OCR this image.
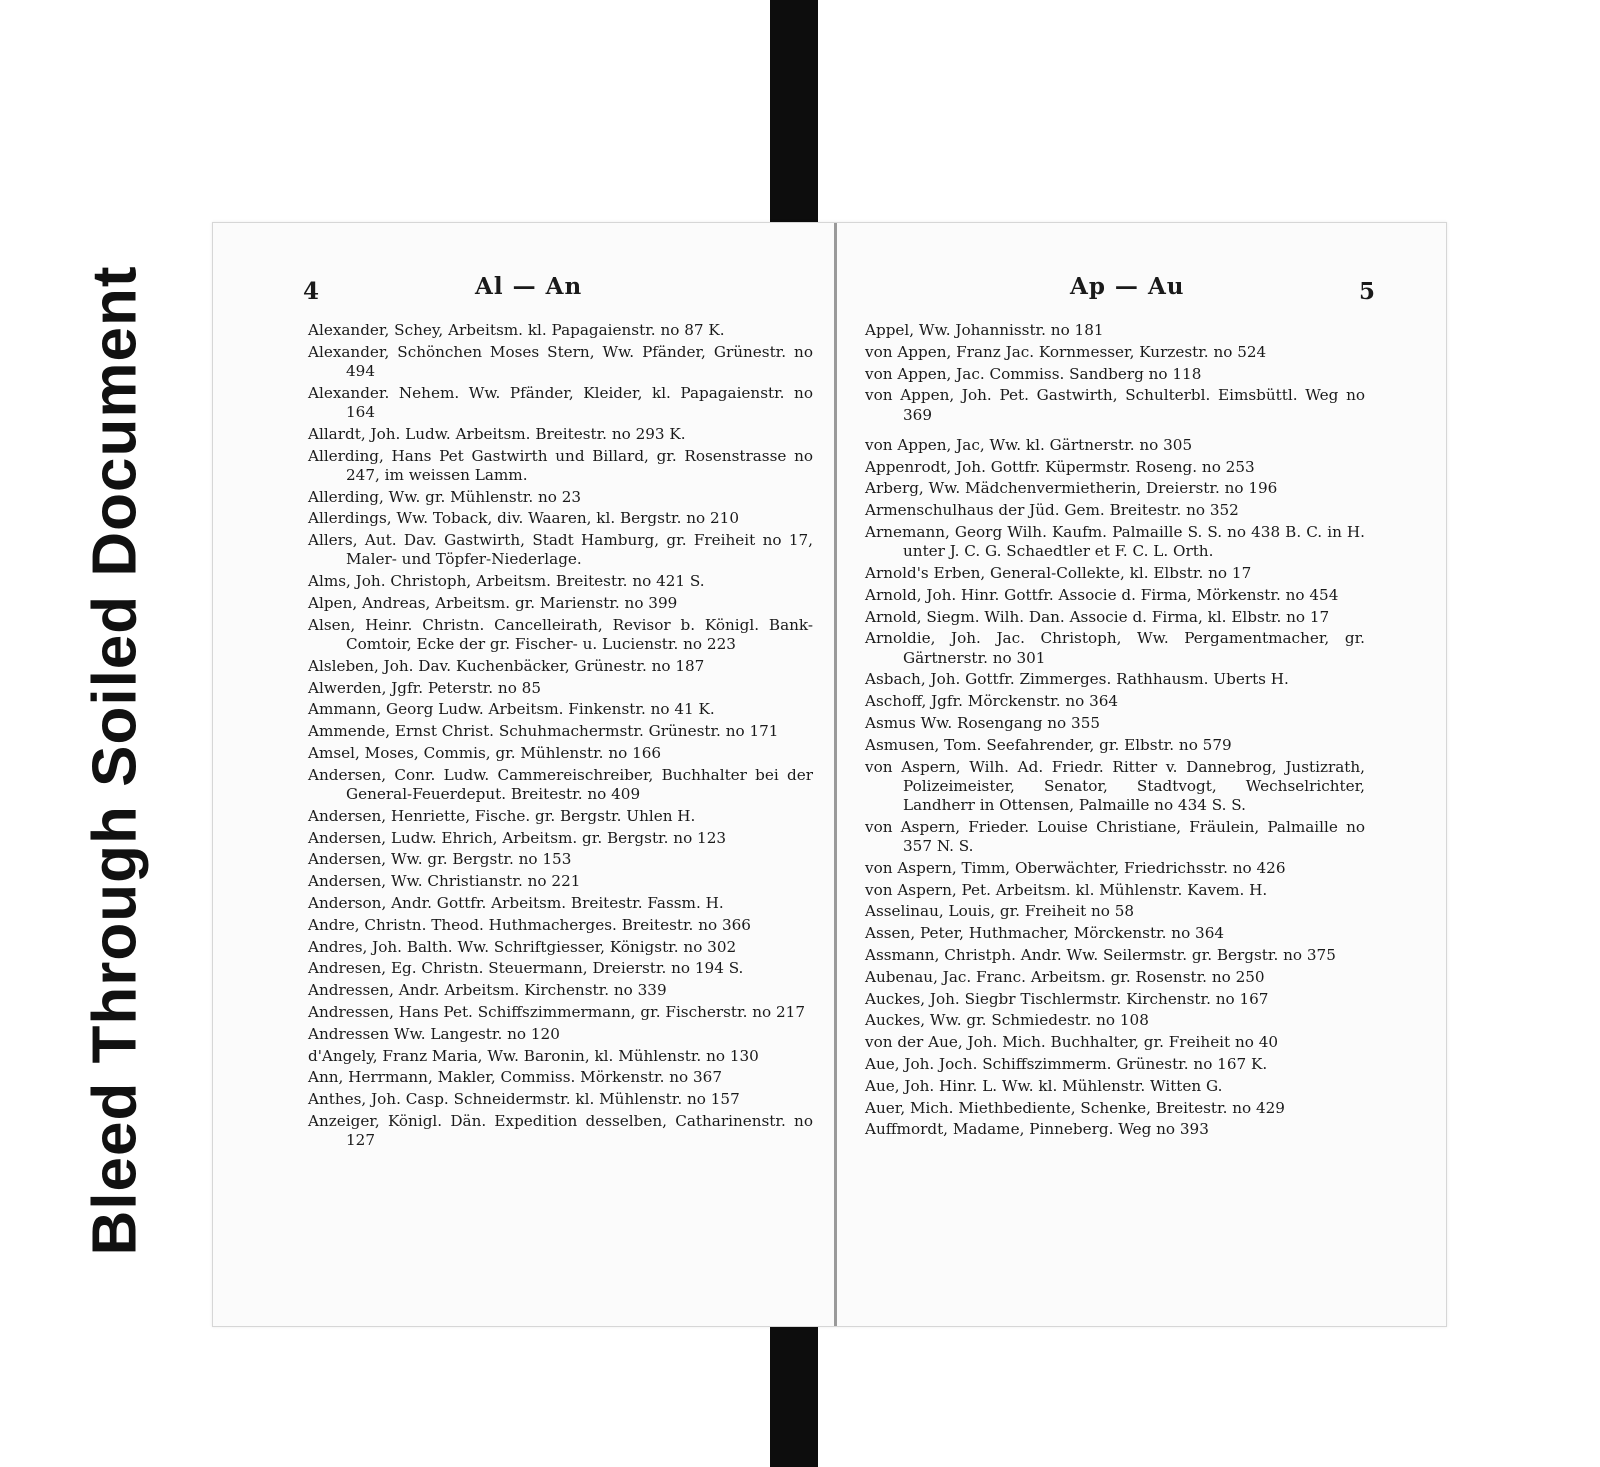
Bleed Through Soiled Document	4	Al — An
Alexander, Schey, Arbeitsm. kl. Papagaienstr. no 87 K.
Alexander, Schönchen Moses Stern, Ww. Pfänder, Grünestr. no 494
Alexander. Nehem. Ww. Pfänder, Kleider, kl. Papagaienstr. no 164
Allardt, Joh. Ludw. Arbeitsm. Breitestr. no 293 K.
Allerding, Hans Pet Gastwirth und Billard, gr. Rosenstrasse no 247, im weissen Lamm.
Allerding, Ww. gr. Mühlenstr. no 23
Allerdings, Ww. Toback, div. Waaren, kl. Bergstr. no 210
Allers, Aut. Dav. Gastwirth, Stadt Hamburg, gr. Freiheit no 17, Maler- und Töpfer-Niederlage.
Alms, Joh. Christoph, Arbeitsm. Breitestr. no 421 S.
Alpen, Andreas, Arbeitsm. gr. Marienstr. no 399
Alsen, Heinr. Christn. Cancelleirath, Revisor b. Königl. Bank-Comtoir, Ecke der gr. Fischer- u. Lucienstr. no 223
Alsleben, Joh. Dav. Kuchenbäcker, Grünestr. no 187
Alwerden, Jgfr. Peterstr. no 85
Ammann, Georg Ludw. Arbeitsm. Finkenstr. no 41 K.
Ammende, Ernst Christ. Schuhmachermstr. Grünestr. no 171
Amsel, Moses, Commis, gr. Mühlenstr. no 166
Andersen, Conr. Ludw. Cammereischreiber, Buchhalter bei der General-Feuerdeput. Breitestr. no 409
Andersen, Henriette, Fische. gr. Bergstr. Uhlen H.
Andersen, Ludw. Ehrich, Arbeitsm. gr. Bergstr. no 123
Andersen, Ww. gr. Bergstr. no 153
Andersen, Ww. Christianstr. no 221
Anderson, Andr. Gottfr. Arbeitsm. Breitestr. Fassm. H.
Andre, Christn. Theod. Huthmacherges. Breitestr. no 366
Andres, Joh. Balth. Ww. Schriftgiesser, Königstr. no 302
Andresen, Eg. Christn. Steuermann, Dreierstr. no 194 S.
Andressen, Andr. Arbeitsm. Kirchenstr. no 339
Andressen, Hans Pet. Schiffszimmermann, gr. Fischerstr. no 217
Andressen Ww. Langestr. no 120
d'Angely, Franz Maria, Ww. Baronin, kl. Mühlenstr. no 130
Ann, Herrmann, Makler, Commiss. Mörkenstr. no 367
Anthes, Joh. Casp. Schneidermstr. kl. Mühlenstr. no 157
Anzeiger, Königl. Dän. Expedition desselben, Catharinenstr. no 127
Ap — Au	5
Appel, Ww. Johannisstr. no 181
von Appen, Franz Jac. Kornmesser, Kurzestr. no 524
von Appen, Jac. Commiss. Sandberg no 118
von Appen, Joh. Pet. Gastwirth, Schulterbl. Eimsbüttl. Weg no 369
von Appen, Jac, Ww. kl. Gärtnerstr. no 305
Appenrodt, Joh. Gottfr. Küpermstr. Roseng. no 253
Arberg, Ww. Mädchenvermietherin, Dreierstr. no 196
Armenschulhaus der Jüd. Gem. Breitestr. no 352
Arnemann, Georg Wilh. Kaufm. Palmaille S. S. no 438 B. C. in H. unter J. C. G. Schaedtler et F. C. L. Orth.
Arnold's Erben, General-Collekte, kl. Elbstr. no 17
Arnold, Joh. Hinr. Gottfr. Associe d. Firma, Mörkenstr. no 454
Arnold, Siegm. Wilh. Dan. Associe d. Firma, kl. Elbstr. no 17
Arnoldie, Joh. Jac. Christoph, Ww. Pergamentmacher, gr. Gärtnerstr. no 301
Asbach, Joh. Gottfr. Zimmerges. Rathhausm. Uberts H.
Aschoff, Jgfr. Mörckenstr. no 364
Asmus Ww. Rosengang no 355
Asmusen, Tom. Seefahrender, gr. Elbstr. no 579
von Aspern, Wilh. Ad. Friedr. Ritter v. Dannebrog, Justizrath, Polizeimeister, Senator, Stadtvogt, Wechselrichter, Landherr in Ottensen, Palmaille no 434 S. S.
von Aspern, Frieder. Louise Christiane, Fräulein, Palmaille no 357 N. S.
von Aspern, Timm, Oberwächter, Friedrichsstr. no 426
von Aspern, Pet. Arbeitsm. kl. Mühlenstr. Kavem. H.
Asselinau, Louis, gr. Freiheit no 58
Assen, Peter, Huthmacher, Mörckenstr. no 364
Assmann, Christph. Andr. Ww. Seilermstr. gr. Bergstr. no 375
Aubenau, Jac. Franc. Arbeitsm. gr. Rosenstr. no 250
Auckes, Joh. Siegbr Tischlermstr. Kirchenstr. no 167
Auckes, Ww. gr. Schmiedestr. no 108
von der Aue, Joh. Mich. Buchhalter, gr. Freiheit no 40
Aue, Joh. Joch. Schiffszimmerm. Grünestr. no 167 K.
Aue, Joh. Hinr. L. Ww. kl. Mühlenstr. Witten G.
Auer, Mich. Miethbediente, Schenke, Breitestr. no 429
Auffmordt, Madame, Pinneberg. Weg no 393
